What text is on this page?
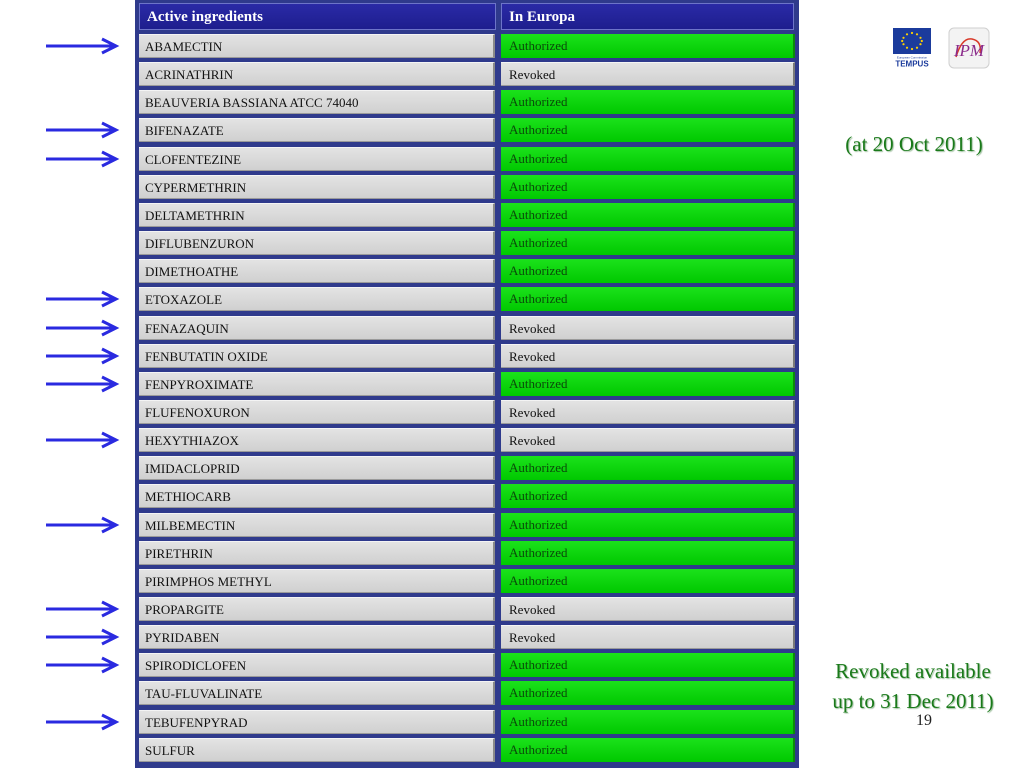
Active ingredients	In Europa
ABAMECTIN	Authorized
ACRINATHRIN	Revoked
BEAUVERIA BASSIANA ATCC 74040	Authorized
BIFENAZATE	Authorized
CLOFENTEZINE	Authorized
CYPERMETHRIN	Authorized
DELTAMETHRIN	Authorized
DIFLUBENZURON	Authorized
DIMETHOATHE	Authorized
ETOXAZOLE	Authorized
FENAZAQUIN	Revoked
FENBUTATIN OXIDE	Revoked
FENPYROXIMATE	Authorized
FLUFENOXURON	Revoked
HEXYTHIAZOX	Revoked
IMIDACLOPRID	Authorized
METHIOCARB	Authorized
MILBEMECTIN	Authorized
PIRETHRIN	Authorized
PIRIMPHOS METHYL	Authorized
PROPARGITE	Revoked
PYRIDABEN	Revoked
SPIRODICLOFEN	Authorized
TAU-FLUVALINATE	Authorized
TEBUFENPYRAD	Authorized
SULFUR	Authorized
(at 20 Oct 2011)
Revoked available
up to 31 Dec 2011)
19
European Commission
TEMPUS
IPM
